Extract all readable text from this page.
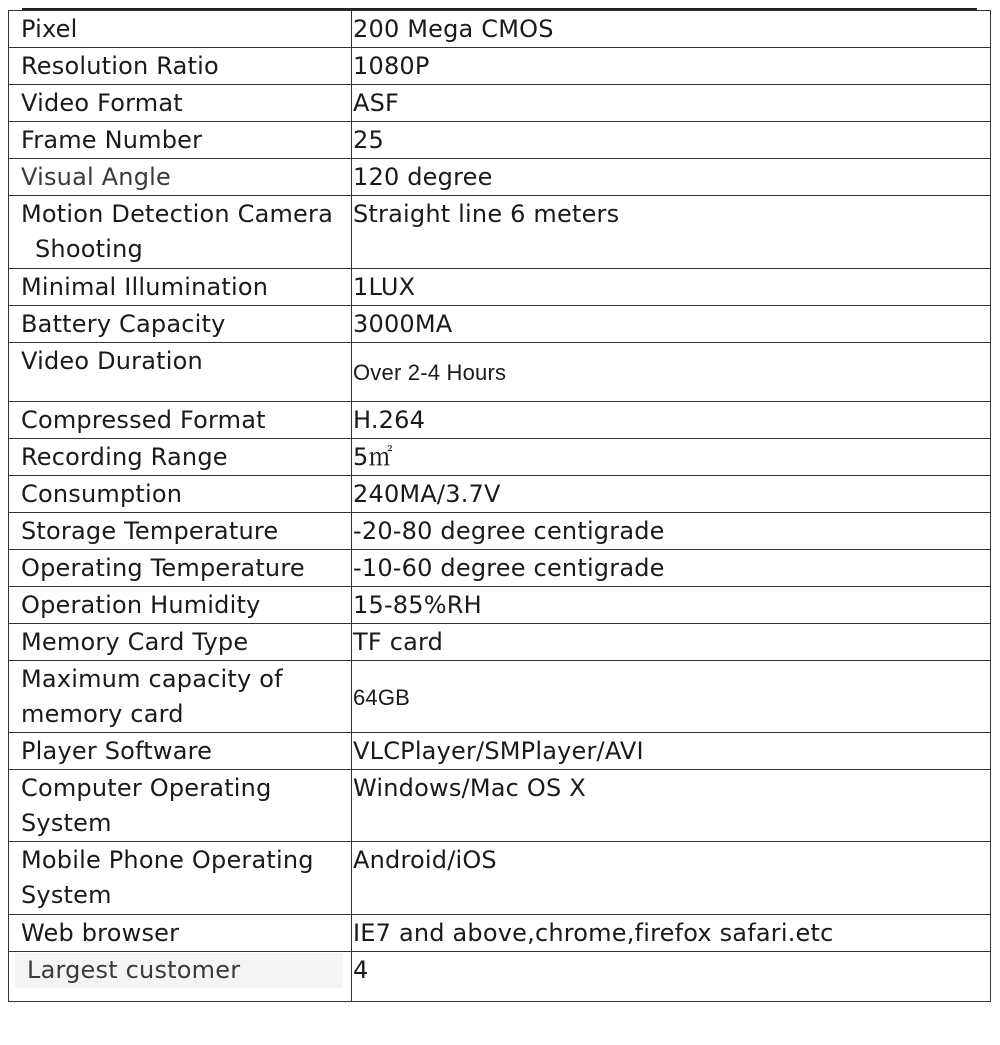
Pixel	200 Mega CMOS
Resolution Ratio	1080P
Video Format	ASF
Frame Number	25
Visual Angle	120 degree

Motion Detection Camera
Shooting	Straight line 6 meters
Minimal Illumination	1LUX
Battery Capacity	3000MA
Video Duration	Over 2-4 Hours
Compressed Format	H.264
Recording Range	5㎡
Consumption	240MA/3.7V
Storage Temperature	-20-80 degree centigrade
Operating Temperature	-10-60 degree centigrade
Operation Humidity	15-85%RH
Memory Card Type	TF card

Maximum capacity of
memory card	64GB
Player Software	VLCPlayer/SMPlayer/AVI

Computer Operating
System	Windows/Mac OS X

Mobile Phone Operating
System	Android/iOS
Web browser	IE7 and above,chrome,firefox safari.etc

Largest customer	4
